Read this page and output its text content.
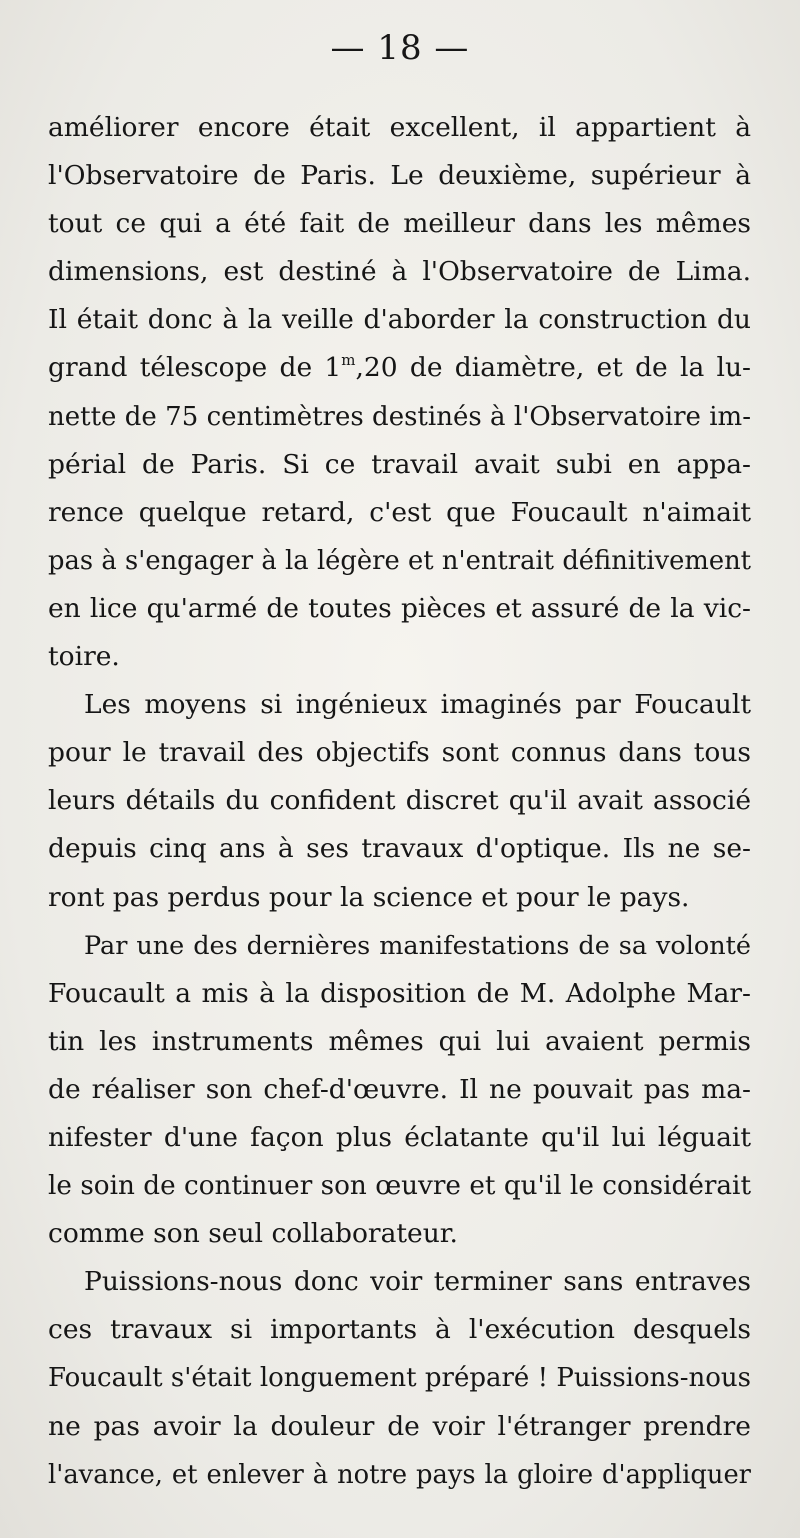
— 18 —
améliorer encore était excellent, il appartient à
l'Observatoire de Paris. Le deuxième, supérieur à
tout ce qui a été fait de meilleur dans les mêmes
dimensions, est destiné à l'Observatoire de Lima.
Il était donc à la veille d'aborder la construction du
grand télescope de 1$^m$,20 de diamètre, et de la lu-
nette de 75 centimètres destinés à l'Observatoire im-
périal de Paris. Si ce travail avait subi en appa-
rence quelque retard, c'est que Foucault n'aimait
pas à s'engager à la légère et n'entrait définitivement
en lice qu'armé de toutes pièces et assuré de la vic-
toire.
Les moyens si ingénieux imaginés par Foucault
pour le travail des objectifs sont connus dans tous
leurs détails du confident discret qu'il avait associé
depuis cinq ans à ses travaux d'optique. Ils ne se-
ront pas perdus pour la science et pour le pays.
Par une des dernières manifestations de sa volonté
Foucault a mis à la disposition de M. Adolphe Mar-
tin les instruments mêmes qui lui avaient permis
de réaliser son chef-d'œuvre. Il ne pouvait pas ma-
nifester d'une façon plus éclatante qu'il lui léguait
le soin de continuer son œuvre et qu'il le considérait
comme son seul collaborateur.
Puissions-nous donc voir terminer sans entraves
ces travaux si importants à l'exécution desquels
Foucault s'était longuement préparé ! Puissions-nous
ne pas avoir la douleur de voir l'étranger prendre
l'avance, et enlever à notre pays la gloire d'appliquer
